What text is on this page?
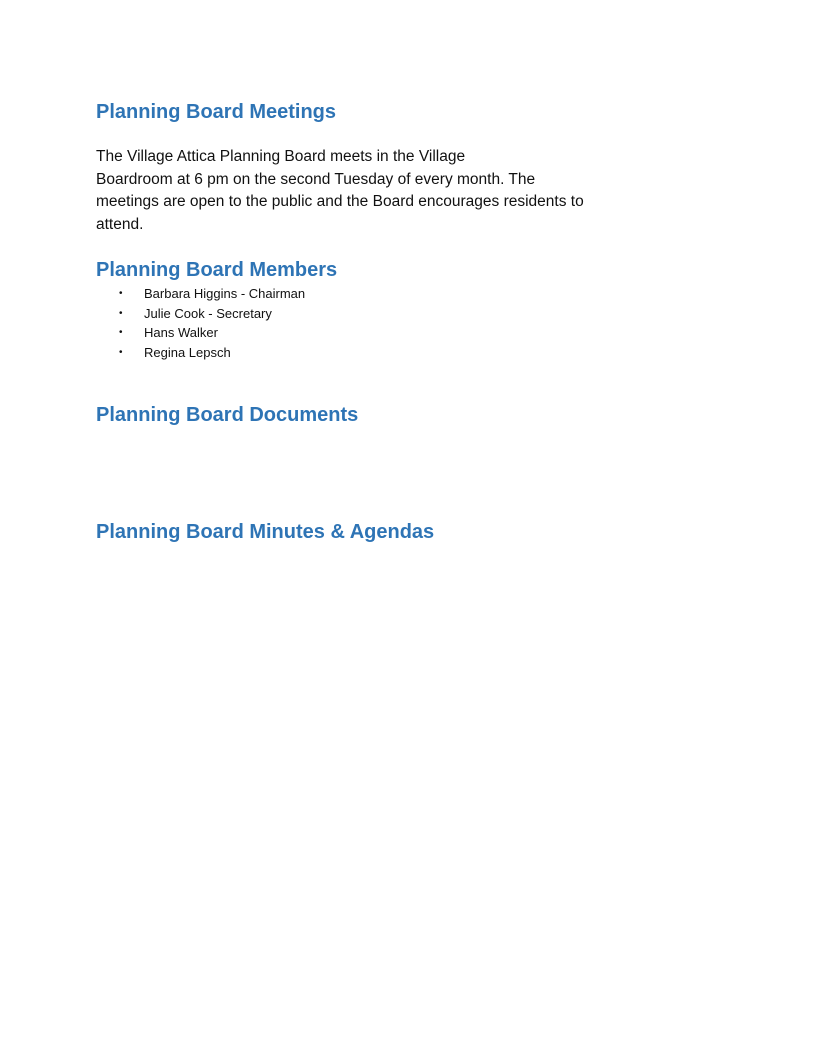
Planning Board Meetings

The Village Attica Planning Board meets in the Village
Boardroom at 6 pm on the second Tuesday of every month. The
meetings are open to the public and the Board encourages residents to
attend.

Planning Board Members
• Barbara Higgins - Chairman
• Julie Cook - Secretary
• Hans Walker
• Regina Lepsch
Planning Board Documents
Planning Board Minutes & Agendas
